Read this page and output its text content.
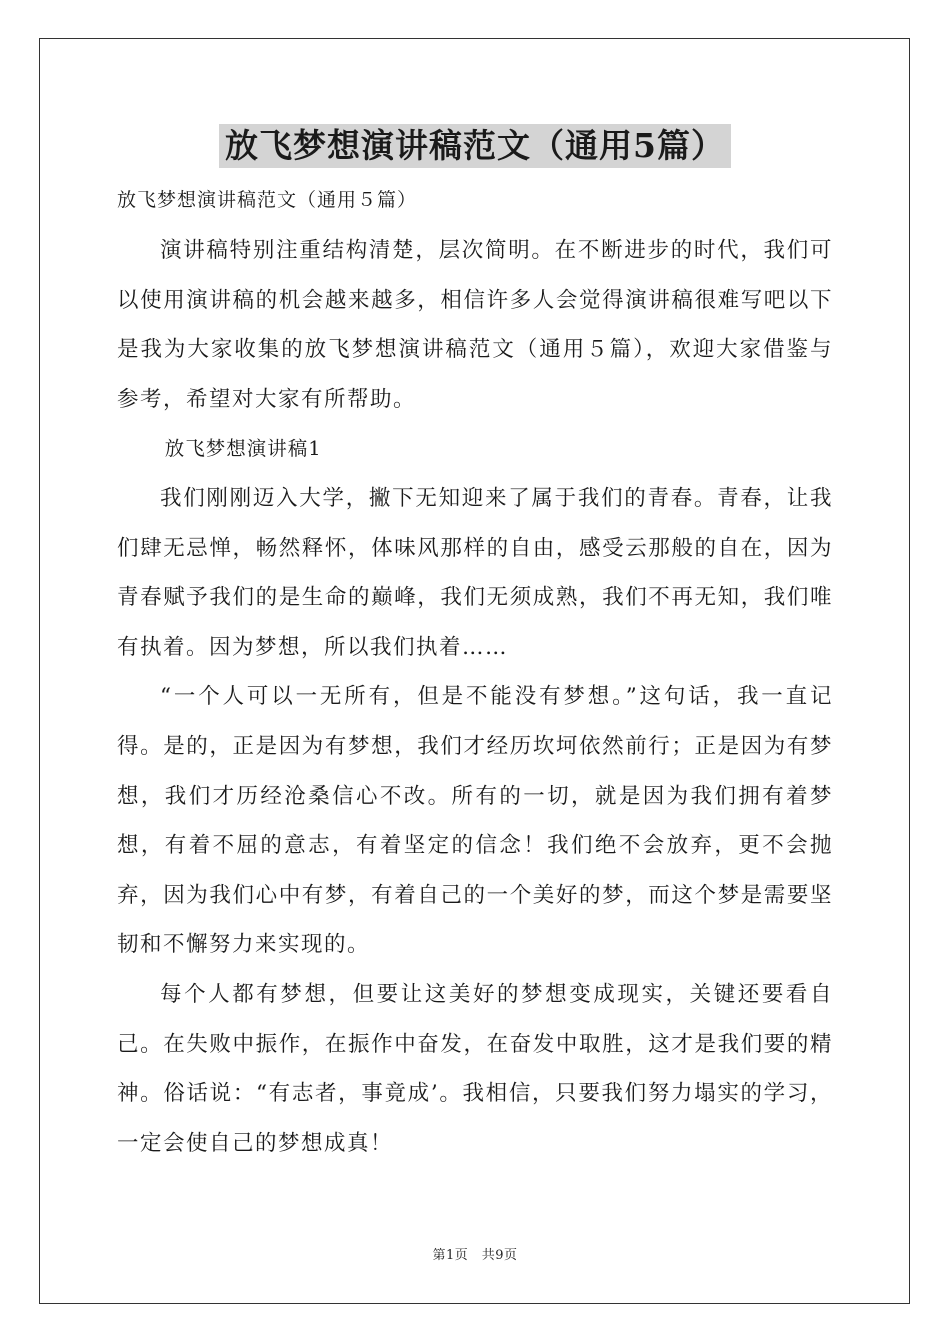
放飞梦想演讲稿范文（通用5篇）

放飞梦想演讲稿范文（通用５篇）

演讲稿特别注重结构清楚，层次简明。在不断进步的时代，我们可以使用演讲稿的机会越来越多，相信许多人会觉得演讲稿很难写吧以下是我为大家收集的放飞梦想演讲稿范文（通用５篇），欢迎大家借鉴与参考，希望对大家有所帮助。

放飞梦想演讲稿1

我们刚刚迈入大学，撇下无知迎来了属于我们的青春。青春，让我们肆无忌惮，畅然释怀，体味风那样的自由，感受云那般的自在，因为青春赋予我们的是生命的巅峰，我们无须成熟，我们不再无知，我们唯有执着。因为梦想，所以我们执着……

“一个人可以一无所有，但是不能没有梦想。”这句话，我一直记得。是的，正是因为有梦想，我们才经历坎坷依然前行；正是因为有梦想，我们才历经沧桑信心不改。所有的一切，就是因为我们拥有着梦想，有着不屈的意志，有着坚定的信念！我们绝不会放弃，更不会抛弃，因为我们心中有梦，有着自己的一个美好的梦，而这个梦是需要坚韧和不懈努力来实现的。

每个人都有梦想，但要让这美好的梦想变成现实，关键还要看自己。在失败中振作，在振作中奋发，在奋发中取胜，这才是我们要的精神。俗话说：“有志者，事竟成’。我相信，只要我们努力塌实的学习，一定会使自己的梦想成真！

第1页　共9页
